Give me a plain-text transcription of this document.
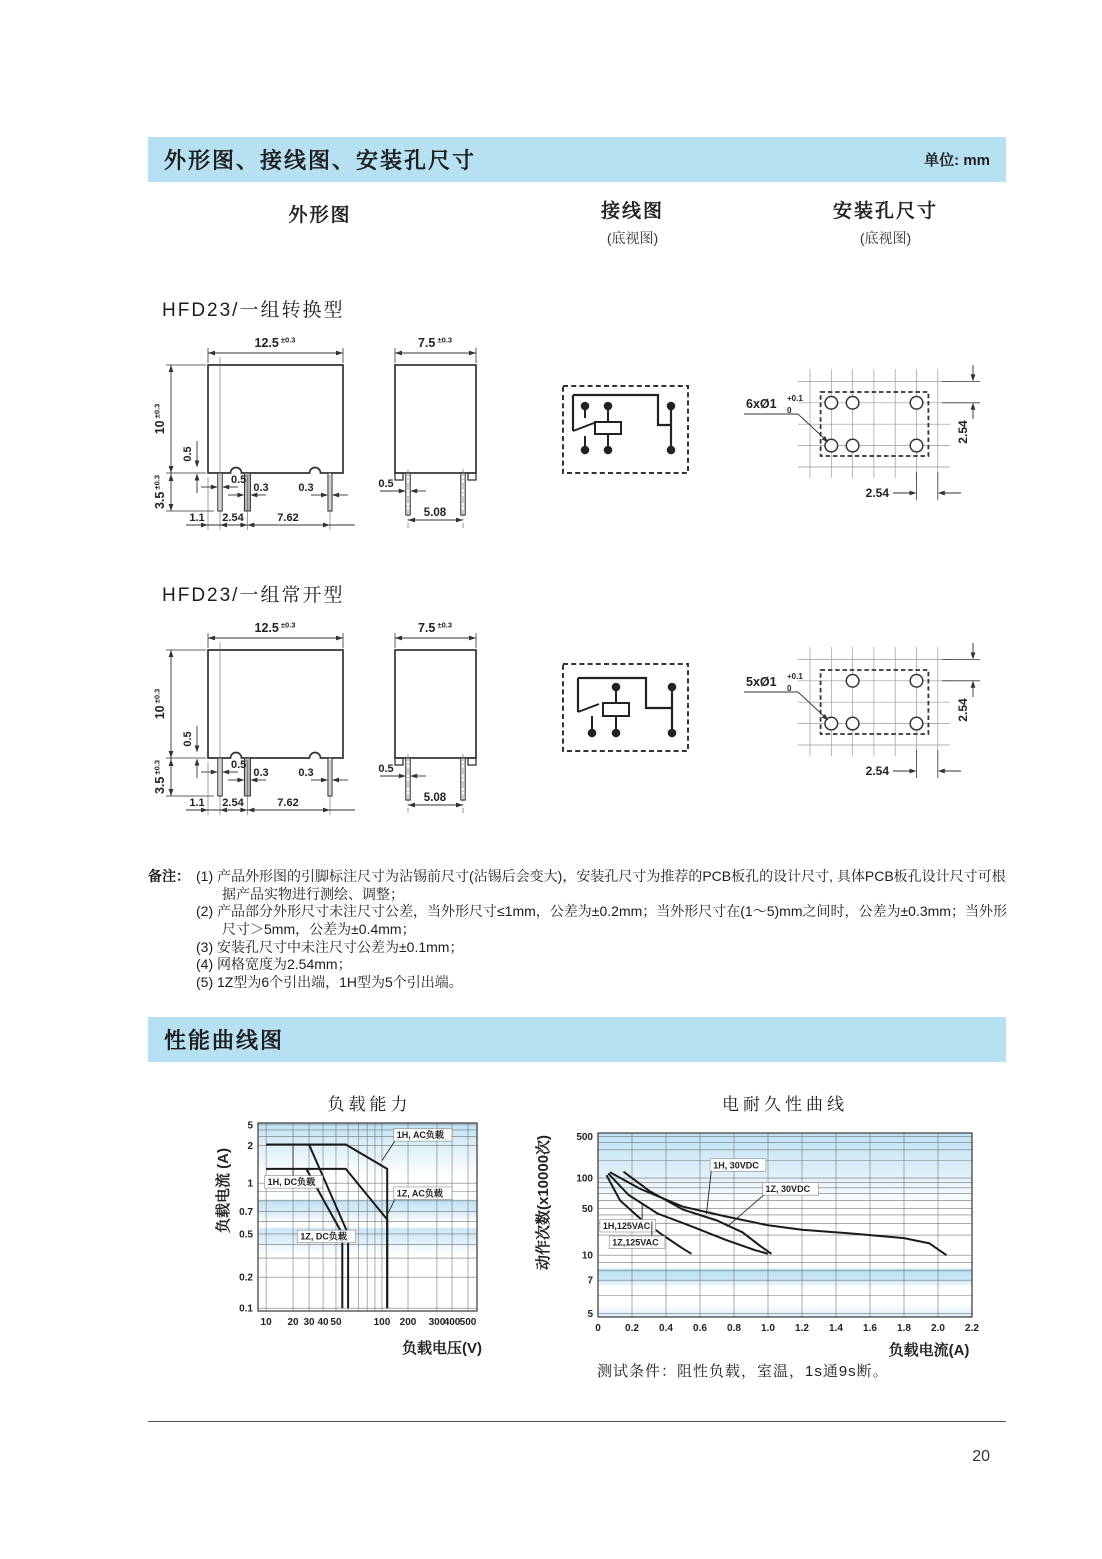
外形图、接线图、安装孔尺寸	单位: mm
外形图	接线图
(底视图)
安装孔尺寸
(底视图)
HFD23/一组转换型
12.5 $^{\pm 0.3}$
10 $^{\pm 0.3}$
3.5 $^{\pm 0.3}$
0.5
0.5
0.3	0.3
1.1 2.54	7.62
7.5 $^{\pm 0.3}$
0.5
5.08
6xØ1 +0.1
0
2.54
2.54
HFD23/一组常开型
12.5 $^{\pm 0.3}$
10 $^{\pm 0.3}$
3.5 $^{\pm 0.3}$
0.5
0.5
0.3	0.3
1.1 2.54	7.62
7.5 $^{\pm 0.3}$
0.5
5.08
5xØ1 +0.1
0
2.54
2.54
备注： (1) 产品外形图的引脚标注尺寸为沾锡前尺寸(沾锡后会变大)，安装孔尺寸为推荐的PCB板孔的设计尺寸, 具体PCB板孔设计尺寸可根据产品实物进行测绘、调整；
(2) 产品部分外形尺寸未注尺寸公差，当外形尺寸≤1mm，公差为±0.2mm；当外形尺寸在(1～5)mm之间时，公差为±0.3mm；当外形尺寸＞5mm，公差为±0.4mm；
(3) 安装孔尺寸中未注尺寸公差为±0.1mm；
(4) 网格宽度为2.54mm；
(5) 1Z型为6个引出端，1H型为5个引出端。
性能曲线图
负载能力
1H, AC负载
1Z, AC负载
1H, DC负载
1Z, DC负载
10 20 30 40 50	100 200 300
400 500
5
2
1
0.7
0.5
0.2
0.1
负载电压(V)
负载电流 (A)
电耐久性曲线
1H, 30VDC
1Z, 30VDC
1H,125VAC
1Z,125VAC
0 0.2 0.4 0.6 0.8 1.0 1.2 1.4 1.6 1.8 2.0 2.2
500
100
50
10
7
5
负载电流(A)
动作次数(x10000次)
测试条件：阻性负载，室温，1s通9s断。
20
